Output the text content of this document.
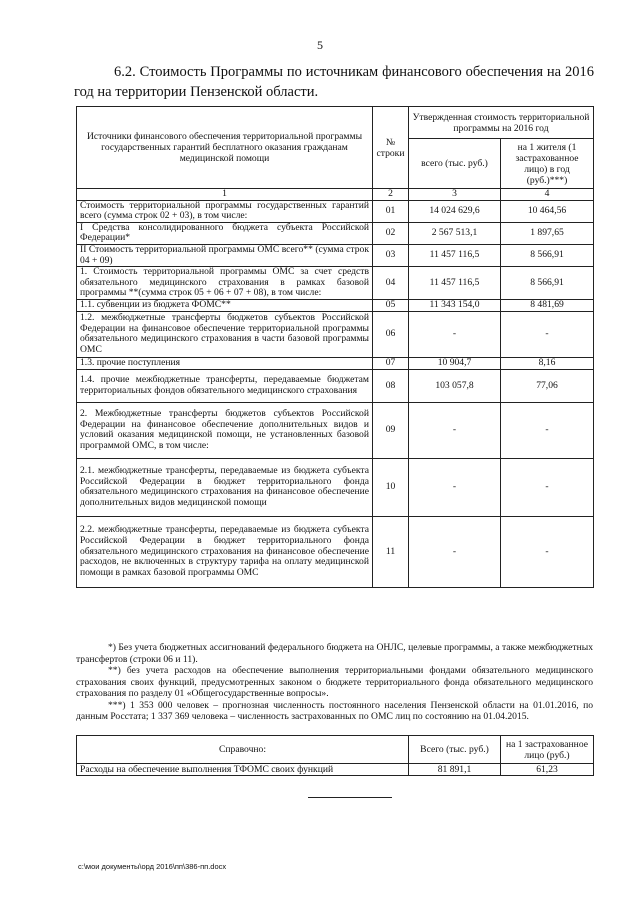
5
6.2. Стоимость Программы по источникам финансового обеспечения на 2016 год на территории Пензенской области.
Источники финансового обеспечения территориальной программы государственных гарантий бесплатного оказания гражданам медицинской помощи	№ строки	Утвержденная стоимость территориальной программы на 2016 год	
		всего (тыс. руб.)	на 1 жителя (1 застрахованное лицо) в год (руб.)***)
1	2	3	4
Стоимость территориальной программы государственных гарантий всего (сумма строк 02 + 03), в том числе:	01	14 024 629,6	10 464,56
I Средства консолидированного бюджета субъекта Российской Федерации*	02	2 567 513,1	1 897,65
II Стоимость территориальной программы ОМС всего** (сумма строк 04 + 09)	03	11 457 116,5	8 566,91
1. Стоимость территориальной программы ОМС за счет средств обязательного медицинского страхования в рамках базовой программы **(сумма строк 05 + 06 + 07 + 08), в том числе:	04	11 457 116,5	8 566,91
1.1. субвенции из бюджета ФОМС**	05	11 343 154,0	8 481,69
1.2. межбюджетные трансферты бюджетов субъектов Российской Федерации на финансовое обеспечение территориальной программы обязательного медицинского страхования в части базовой программы ОМС	06	-	-
1.3. прочие поступления	07	10 904,7	8,16
1.4. прочие межбюджетные трансферты, передаваемые бюджетам территориальных фондов обязательного медицинского страхования	08	103 057,8	77,06
2. Межбюджетные трансферты бюджетов субъектов Российской Федерации на финансовое обеспечение дополнительных видов и условий оказания медицинской помощи, не установленных базовой программой ОМС, в том числе:	09	-	-
2.1. межбюджетные трансферты, передаваемые из бюджета субъекта Российской Федерации в бюджет территориального фонда обязательного медицинского страхования на финансовое обеспечение дополнительных видов медицинской помощи	10	-	-
2.2. межбюджетные трансферты, передаваемые из бюджета субъекта Российской Федерации в бюджет территориального фонда обязательного медицинского страхования на финансовое обеспечение расходов, не включенных в структуру тарифа на оплату медицинской помощи в рамках базовой программы ОМС	11	-	-

*) Без учета бюджетных ассигнований федерального бюджета на ОНЛС, целевые программы, а также межбюджетных трансфертов (строки 06 и 11).

**) без учета расходов на обеспечение выполнения территориальными фондами обязательного медицинского страхования своих функций, предусмотренных законом о бюджете территориального фонда обязательного медицинского страхования по разделу 01 «Общегосударственные вопросы».

***) 1 353 000 человек – прогнозная численность постоянного населения Пензенской области на 01.01.2016, по данным Росстата; 1 337 369 человека – численность застрахованных по ОМС лиц по состоянию на 01.04.2015.

Справочно:	Всего (тыс. руб.)	на 1 застрахованное лицо (руб.)
Расходы на обеспечение выполнения ТФОМС своих функций	81 891,1	61,23
c:\мои документы\орд 2016\пп\386-пп.docx
